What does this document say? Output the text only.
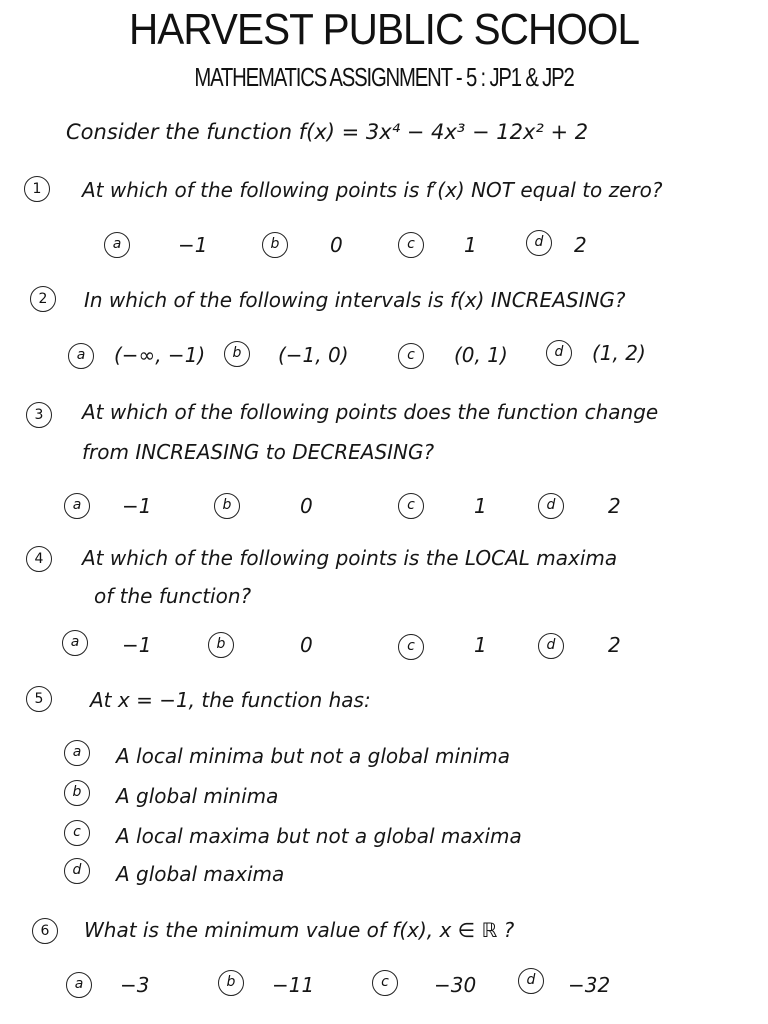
HARVEST PUBLIC SCHOOL
MATHEMATICS ASSIGNMENT - 5 : JP1 & JP2
Consider the function f(x) = 3x⁴ − 4x³ − 12x² + 2
1	At which of the following points is f′(x) NOT equal to zero?
a	−1	b	0	c	1	d	2
2	In which of the following intervals is f(x) INCREASING?
a	(−∞, −1)	b	(−1, 0)	c	(0, 1)	d	(1, 2)
3	At which of the following points does the function change
from INCREASING to DECREASING?
a	−1	b	0	c	1	d	2
4	At which of the following points is the LOCAL maxima
of the function?
a	−1	b	0	c	1	d	2
5	At x = −1, the function has:
a	A local minima but not a global minima
b	A global minima
c	A local maxima but not a global maxima
d	A global maxima
6	What is the minimum value of f(x), x ∈ ℝ ?
a	−3	b	−11	c	−30	d	−32
